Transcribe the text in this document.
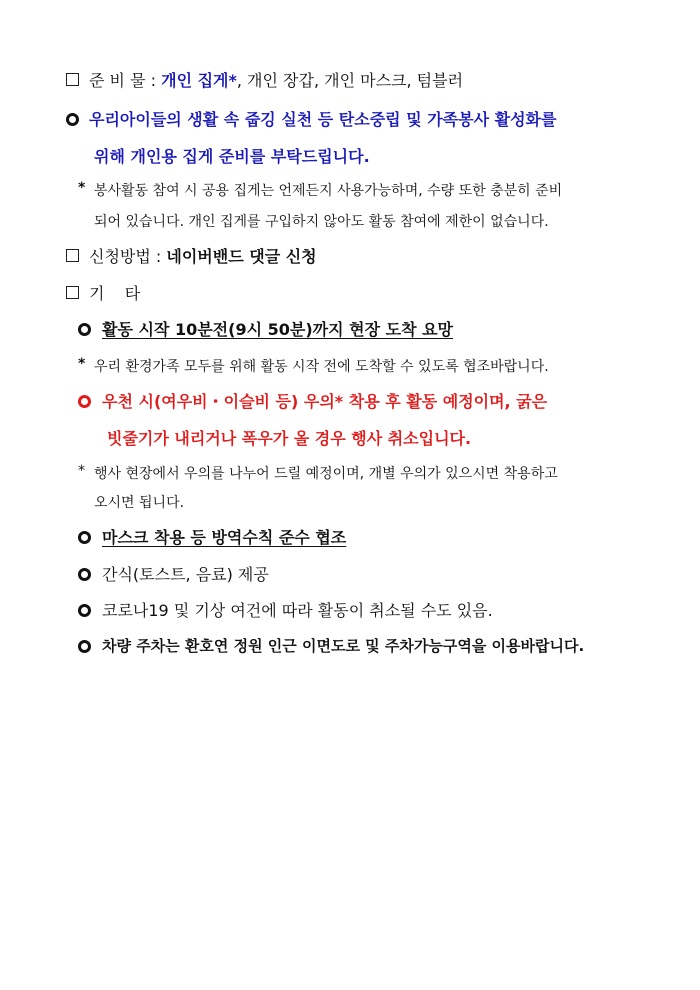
준 비 물 : 개인 집게*, 개인 장갑, 개인 마스크, 텀블러
우리아이들의 생활 속 줍깅 실천 등 탄소중립 및 가족봉사 활성화를
위해 개인용 집게 준비를 부탁드립니다.
* 봉사활동 참여 시 공용 집게는 언제든지 사용가능하며, 수량 또한 충분히 준비
되어 있습니다. 개인 집게를 구입하지 않아도 활동 참여에 제한이 없습니다.
신청방법 : 네이버밴드 댓글 신청
기    타
활동 시작 10분전(9시 50분)까지 현장 도착 요망
* 우리 환경가족 모두를 위해 활동 시작 전에 도착할 수 있도록 협조바랍니다.
우천 시(여우비・이슬비 등) 우의* 착용 후 활동 예정이며, 굵은
빗줄기가 내리거나 폭우가 올 경우 행사 취소입니다.
* 행사 현장에서 우의를 나누어 드릴 예정이며, 개별 우의가 있으시면 착용하고
오시면 됩니다.
마스크 착용 등 방역수칙 준수 협조
간식(토스트, 음료) 제공
코로나19 및 기상 여건에 따라 활동이 취소될 수도 있음.
차량 주차는 환호연 정원 인근 이면도로 및 주차가능구역을 이용바랍니다.
